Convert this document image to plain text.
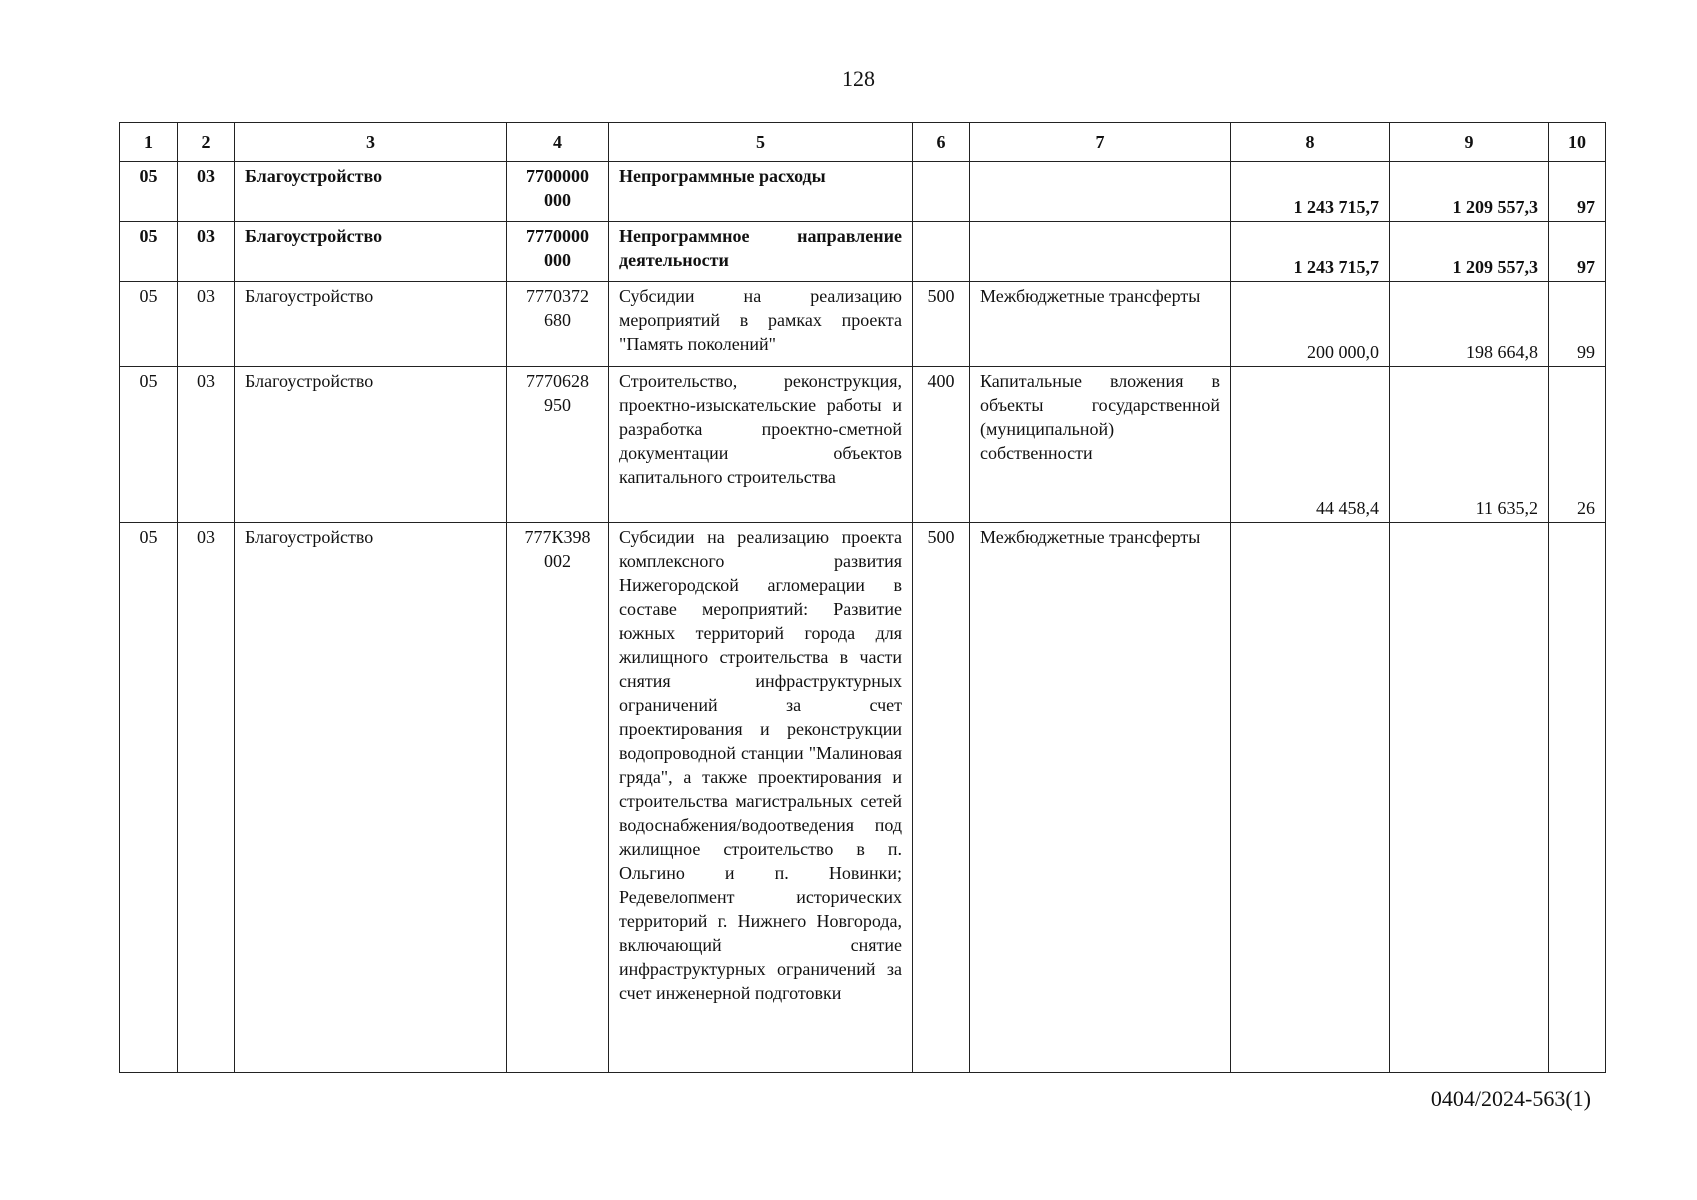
128
1	2	3	4	5	6	7	8	9	10
05	03	Благоустройство	7700000 000	Непрограммные расходы			1 243 715,7	1 209 557,3	97
05	03	Благоустройство	7770000 000	Непрограммное направление деятельности			1 243 715,7	1 209 557,3	97
05	03	Благоустройство	7770372 680	Субсидии на реализацию мероприятий в рамках проекта "Память поколений"	500	Межбюджетные трансферты	200 000,0	198 664,8	99
05	03	Благоустройство	7770628 950	Строительство, реконструкция, проектно-изыскательские работы и разработка проектно-сметной документации объектов капитального строительства	400	Капитальные вложения в объекты государственной (муниципальной) собственности	44 458,4	11 635,2	26
05	03	Благоустройство	777К398 002	Субсидии на реализацию проекта комплексного развития Нижегородской агломерации в составе мероприятий: Развитие южных территорий города для жилищного строительства в части снятия инфраструктурных ограничений за счет проектирования и реконструкции водопроводной станции "Малиновая гряда", а также проектирования и строительства магистральных сетей водоснабжения/водоотведения под жилищное строительство в п. Ольгино и п. Новинки; Редевелопмент исторических территорий г. Нижнего Новгорода, включающий снятие инфраструктурных ограничений за счет инженерной подготовки	500	Межбюджетные трансферты			
0404/2024-563(1)
